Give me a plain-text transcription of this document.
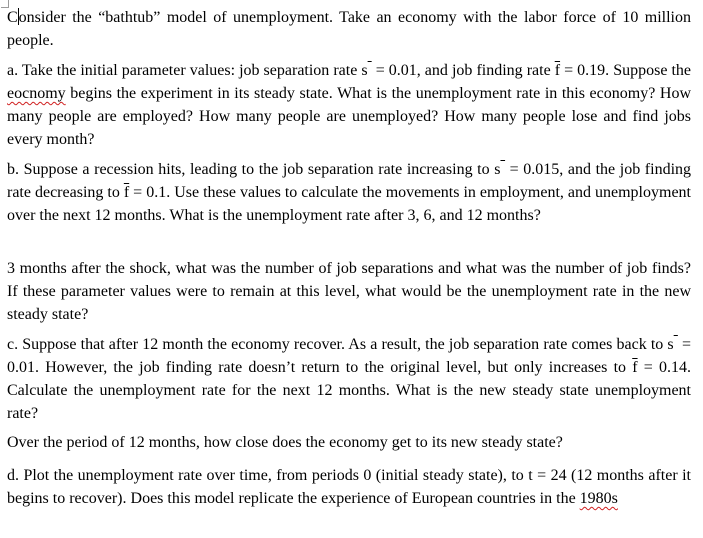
Consider the “bathtub” model of unemployment. Take an economy with the labor force of 10 million people.

a. Take the initial parameter values: job separation rate s  = 0.01, and job finding rate $\overline{f} = 0.19$. Suppose the eocnomy begins the experiment in its steady state. What is the unemployment rate in this economy? How many people are employed? How many people are unemployed? How many people lose and find jobs every month?

b. Suppose a recession hits, leading to the job separation rate increasing to s  = 0.015, and the job finding rate decreasing to $\overline{f} = 0.1$. Use these values to calculate the movements in employment, and unemployment over the next 12 months. What is the unemployment rate after 3, 6, and 12 months?

3 months after the shock, what was the number of job separations and what was the number of job finds? If these parameter values were to remain at this level, what would be the unemployment rate in the new steady state?

c. Suppose that after 12 month the economy recover. As a result, the job separation rate comes back to s  = 0.01. However, the job finding rate doesn’t return to the original level, but only increases to $\overline{f} = 0.14$. Calculate the unemployment rate for the next 12 months. What is the new steady state unemployment rate?

Over the period of 12 months, how close does the economy get to its new steady state?

d. Plot the unemployment rate over time, from periods 0 (initial steady state), to t = 24 (12 months after it begins to recover). Does this model replicate the experience of European countries in the 1980s
